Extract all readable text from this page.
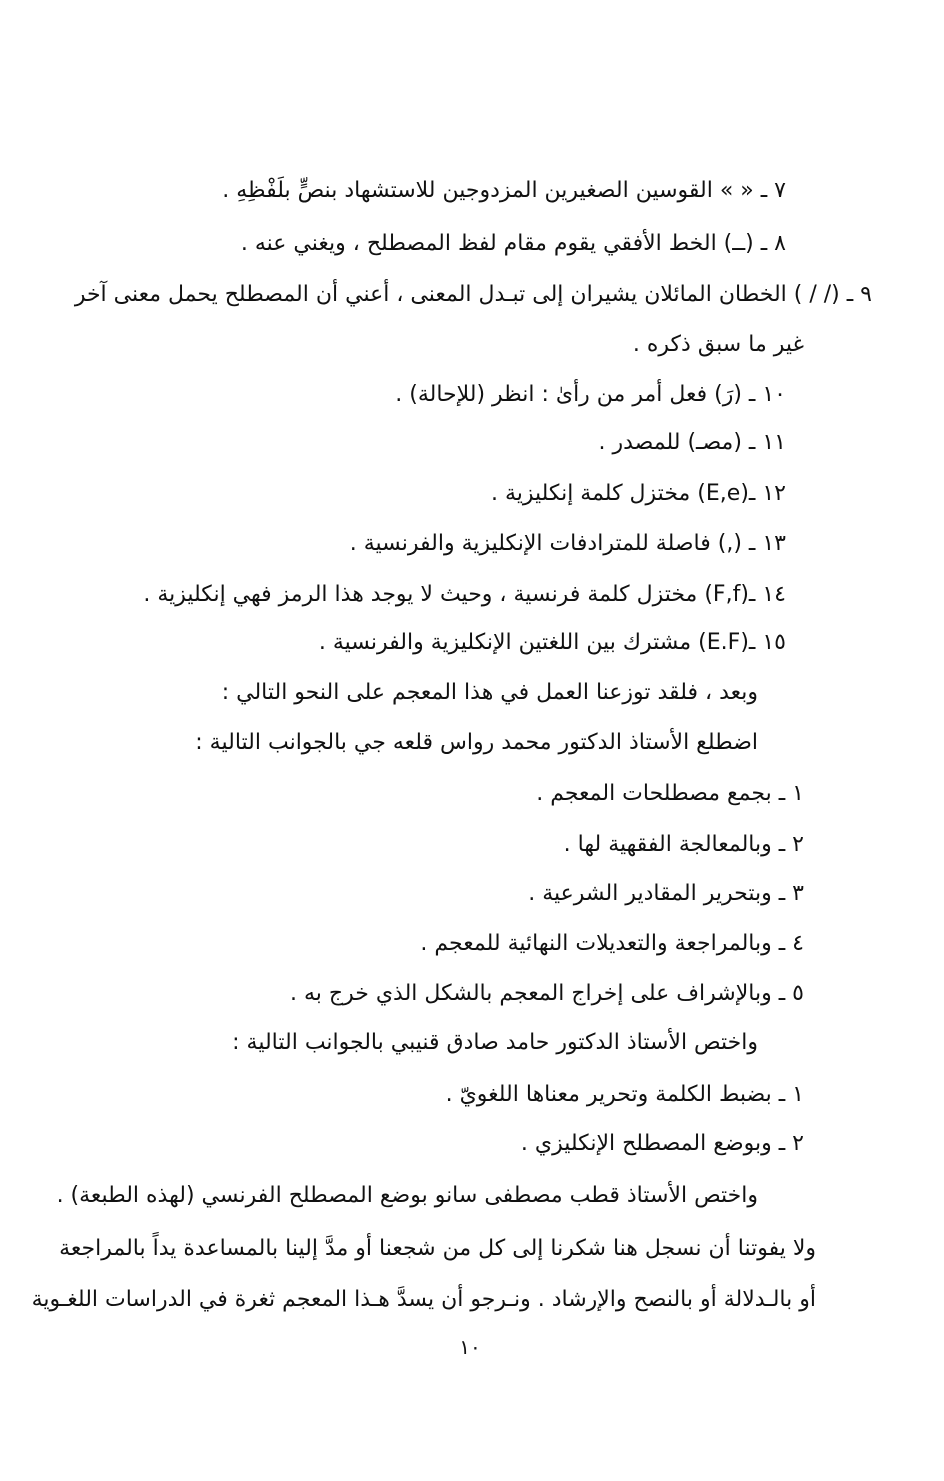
٧ ـ « » القوسين الصغيرين المزدوجين للاستشهاد بنصٍّ بلَفْظِهِ .
٨ ـ (ــ) الخط الأفقي يقوم مقام لفظ المصطلح ، ويغني عنه .
٩ ـ (/ / ) الخطان المائلان يشيران إلى تبـدل المعنى ، أعني أن المصطلح يحمل معنى آخر
غير ما سبق ذكره .
١٠ ـ (رَ) فعل أمر من رأىٰ : انظر (للإحالة) .
١١ ـ (مصـ) للمصدر .
١٢ ـ(E,e) مختزل كلمة إنكليزية .
١٣ ـ (,) فاصلة للمترادفات الإنكليزية والفرنسية .
١٤ ـ(F,f) مختزل كلمة فرنسية ، وحيث لا يوجد هذا الرمز فهي إنكليزية .
١٥ ـ(E.F) مشترك بين اللغتين الإنكليزية والفرنسية .
وبعد ، فلقد توزعنا العمل في هذا المعجم على النحو التالي :
اضطلع الأستاذ الدكتور محمد رواس قلعه جي بالجوانب التالية :
١ ـ بجمع مصطلحات المعجم .
٢ ـ وبالمعالجة الفقهية لها .
٣ ـ وبتحرير المقادير الشرعية .
٤ ـ وبالمراجعة والتعديلات النهائية للمعجم .
٥ ـ وبالإشراف على إخراج المعجم بالشكل الذي خرج به .
واختص الأستاذ الدكتور حامد صادق قنيبي بالجوانب التالية :
١ ـ بضبط الكلمة وتحرير معناها اللغويّ .
٢ ـ وبوضع المصطلح الإنكليزي .
واختص الأستاذ قطب مصطفى سانو بوضع المصطلح الفرنسي (لهذه الطبعة) .
ولا يفوتنا أن نسجل هنا شكرنا إلى كل من شجعنا أو مدَّ إلينا بالمساعدة يداً بالمراجعة
أو بالـدلالة أو بالنصح والإرشاد . ونـرجو أن يسدَّ هـذا المعجم ثغرة في الدراسات اللغـوية
١٠
